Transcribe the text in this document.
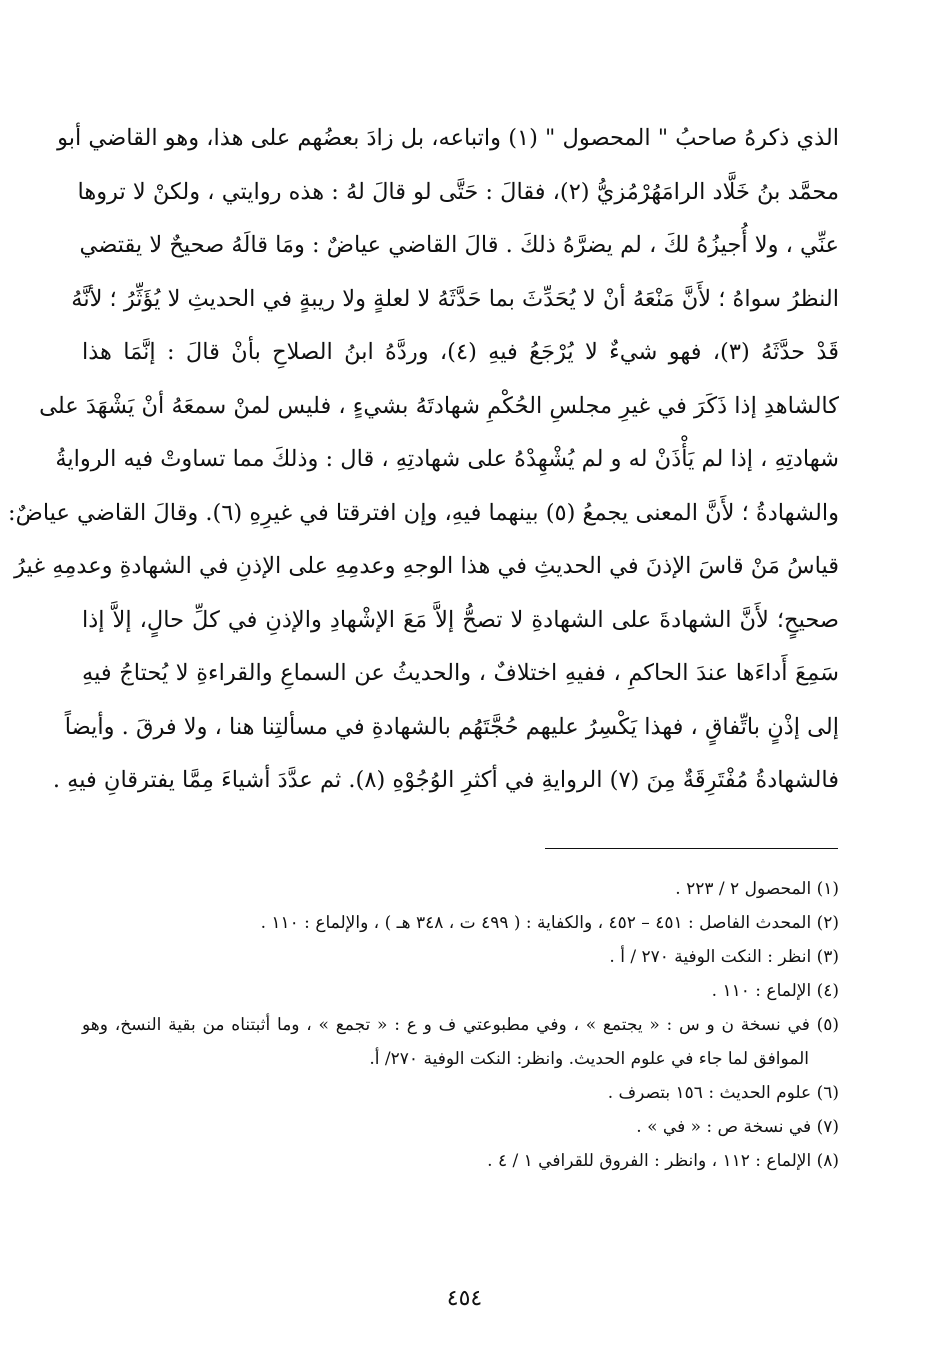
الذي ذكرهُ صاحبُ " المحصول " (١) واتباعه، بل زادَ بعضُهم على هذا، وهو القاضي أبو
محمَّد بنُ خَلَّاد الرامَهُرْمُزيُّ (٢)، فقالَ : حَتَّى لو قالَ لهُ : هذه روايتي ، ولكنْ لا تروها
عنِّي ، ولا أُجيزُهُ لكَ ، لم يضرَّهُ ذلكَ . قالَ القاضي عياضٌ : ومَا قالَهُ صحيحٌ لا يقتضي
النظرُ سواهُ ؛ لأَنَّ مَنْعَهُ أنْ لا يُحَدِّثَ بما حَدَّثَهُ لا لعلةٍ ولا ريبةٍ في الحديثِ لا يُؤَثِّرُ ؛ لأنَّهُ
قَدْ حدَّثَهُ (٣)، فهو شيءٌ لا يُرْجَعُ فيهِ (٤)، وردَّهُ ابنُ الصلاحِ بأنْ قالَ : إنَّمَا هذا
كالشاهدِ إذا ذَكَرَ في غيرِ مجلسِ الحُكْمِ شهادتَهُ بشيءٍ ، فليس لمنْ سمعَهُ أنْ يَشْهَدَ على
شهادتِهِ ، إذا لم يَأْذَنْ له و لم يُشْهِدْهُ على شهادتِهِ ، قال : وذلكَ مما تساوتْ فيه الروايةُ
والشهادةُ ؛ لأَنَّ المعنى يجمعُ (٥) بينهما فيهِ، وإن افترقتا في غيرِهِ (٦). وقالَ القاضي عياضٌ:
قياسُ مَنْ قاسَ الإذنَ في الحديثِ في هذا الوجهِ وعدمِهِ على الإذنِ في الشهادةِ وعدمِهِ غيرُ
صحيحٍ؛ لأَنَّ الشهادةَ على الشهادةِ لا تصحُّ إلاَّ مَعَ الإشْهادِ والإذنِ في كلِّ حالٍ، إلاَّ إذا
سَمِعَ أَداءَها عندَ الحاكمِ ، ففيهِ اختلافٌ ، والحديثُ عن السماعِ والقراءةِ لا يُحتاجُ فيهِ
إلى إذْنٍ باتِّفاقٍ ، فهذا يَكْسِرُ عليهم حُجَّتَهُم بالشهادةِ في مسألتِنا هنا ، ولا فرقَ . وأيضاً
فالشهادةُ مُفْتَرِقَةٌ مِنَ (٧) الروايةِ في أكثرِ الوُجُوْهِ (٨). ثم عدَّدَ أشياءَ مِمَّا يفترقانِ فيهِ .
(١) المحصول ٢ / ٢٢٣ .
(٢) المحدث الفاصل : ٤٥١ – ٤٥٢ ، والكفاية : ( ٤٩٩ ت ، ٣٤٨ هـ ) ، والإلماع : ١١٠ .
(٣) انظر : النكت الوفية ٢٧٠ / أ .
(٤) الإلماع : ١١٠ .
(٥) في نسخة ن و س : « يجتمع » ، وفي مطبوعتي ف و ع : « تجمع » ، وما أثبتناه من بقية النسخ، وهو
الموافق لما جاء في علوم الحديث. وانظر: النكت الوفية ٢٧٠/ أ.
(٦) علوم الحديث : ١٥٦ بتصرف .
(٧) في نسخة ص : « في » .
(٨) الإلماع : ١١٢ ، وانظر : الفروق للقرافي ١ / ٤ .
٤٥٤
